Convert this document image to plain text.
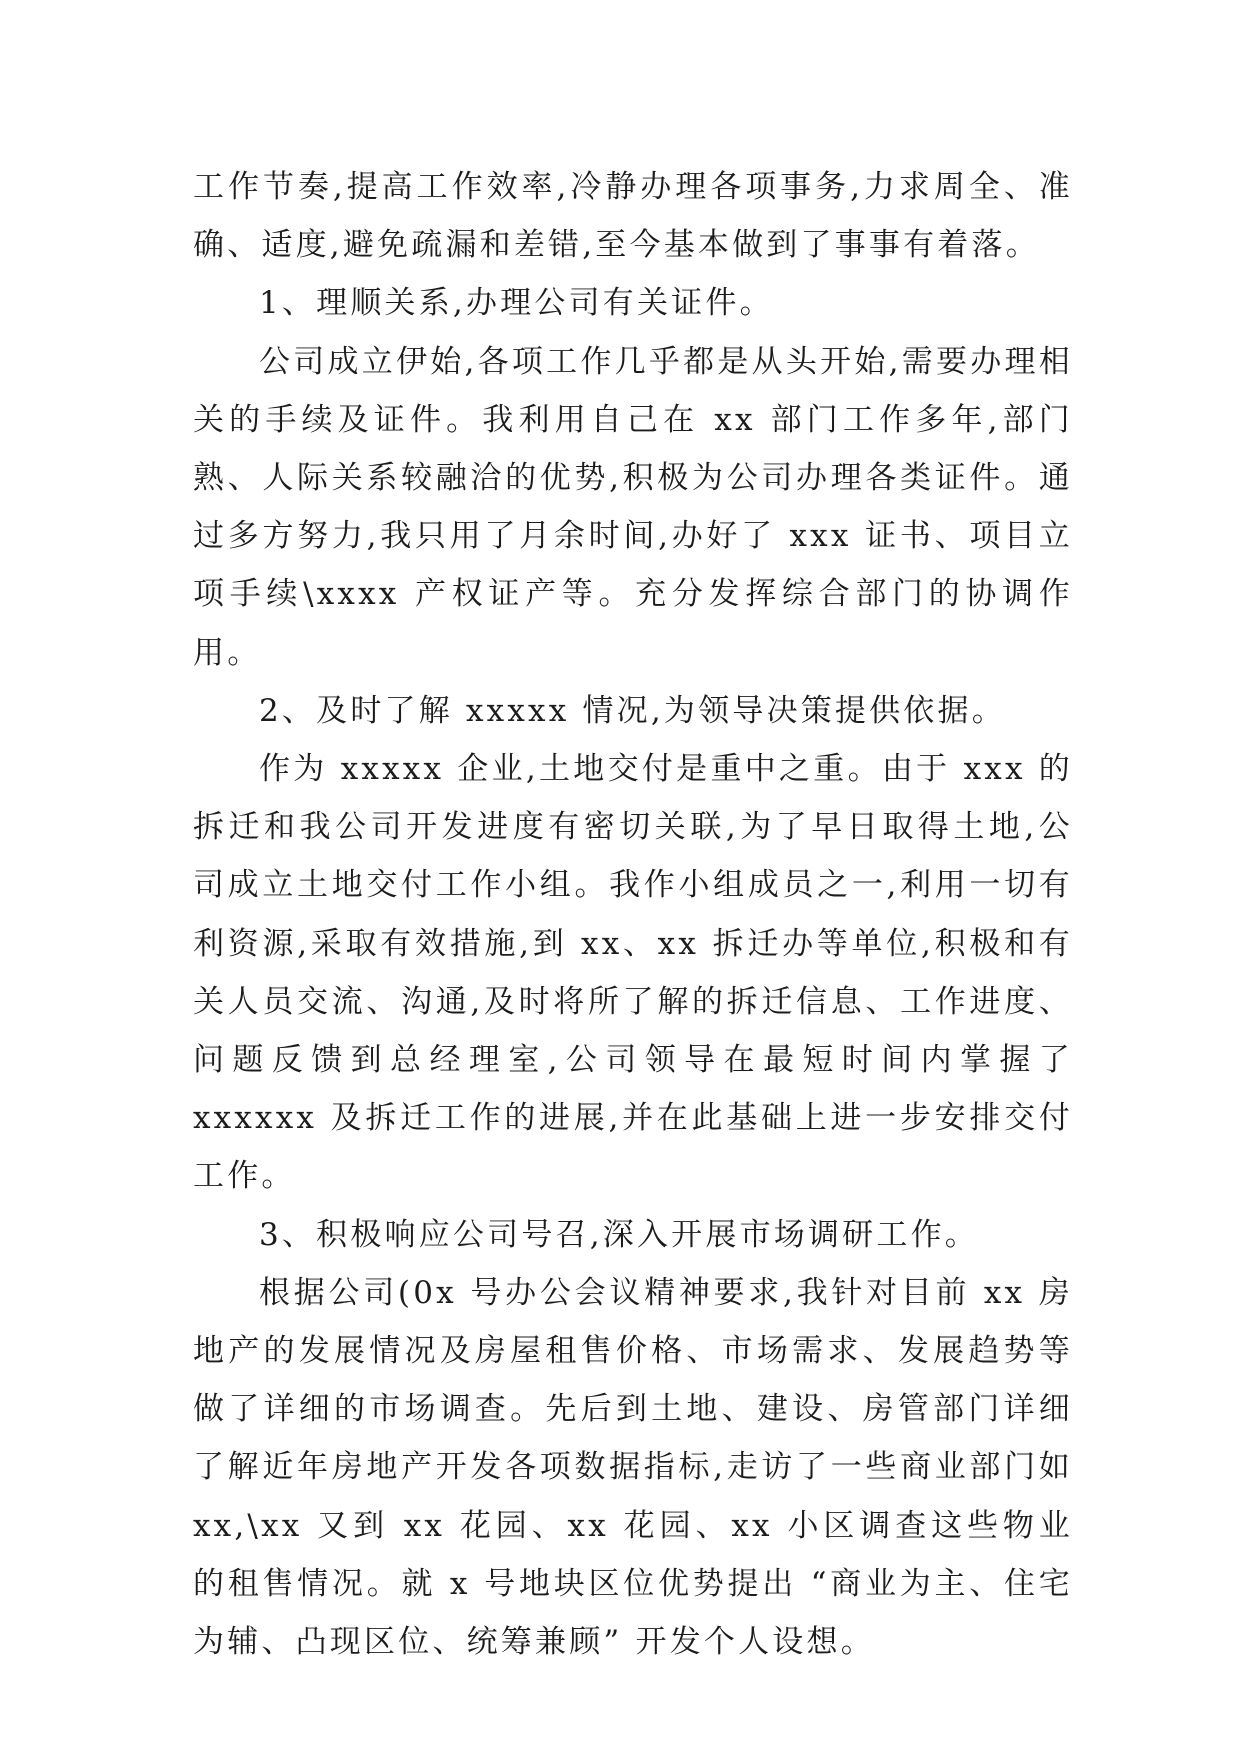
工作节奏,提高工作效率,冷静办理各项事务,力求周全、准确、适度,避免疏漏和差错,至今基本做到了事事有着落。

1、理顺关系,办理公司有关证件。

公司成立伊始,各项工作几乎都是从头开始,需要办理相关的手续及证件。我利用自己在 xx 部门工作多年,部门熟、人际关系较融洽的优势,积极为公司办理各类证件。通过多方努力,我只用了月余时间,办好了 xxx 证书、项目立项手续\xxxx 产权证产等。充分发挥综合部门的协调作用。

2、及时了解 xxxxx 情况,为领导决策提供依据。

作为 xxxxx 企业,土地交付是重中之重。由于 xxx 的拆迁和我公司开发进度有密切关联,为了早日取得土地,公司成立土地交付工作小组。我作小组成员之一,利用一切有利资源,采取有效措施,到 xx、xx 拆迁办等单位,积极和有关人员交流、沟通,及时将所了解的拆迁信息、工作进度、问题反馈到总经理室,公司领导在最短时间内掌握了 xxxxxx 及拆迁工作的进展,并在此基础上进一步安排交付工作。

3、积极响应公司号召,深入开展市场调研工作。

根据公司(0x 号办公会议精神要求,我针对目前 xx 房地产的发展情况及房屋租售价格、市场需求、发展趋势等做了详细的市场调查。先后到土地、建设、房管部门详细了解近年房地产开发各项数据指标,走访了一些商业部门如 xx,\xx 又到 xx 花园、xx 花园、xx 小区调查这些物业的租售情况。就 x 号地块区位优势提出 “商业为主、住宅为辅、凸现区位、统筹兼顾” 开发个人设想。
